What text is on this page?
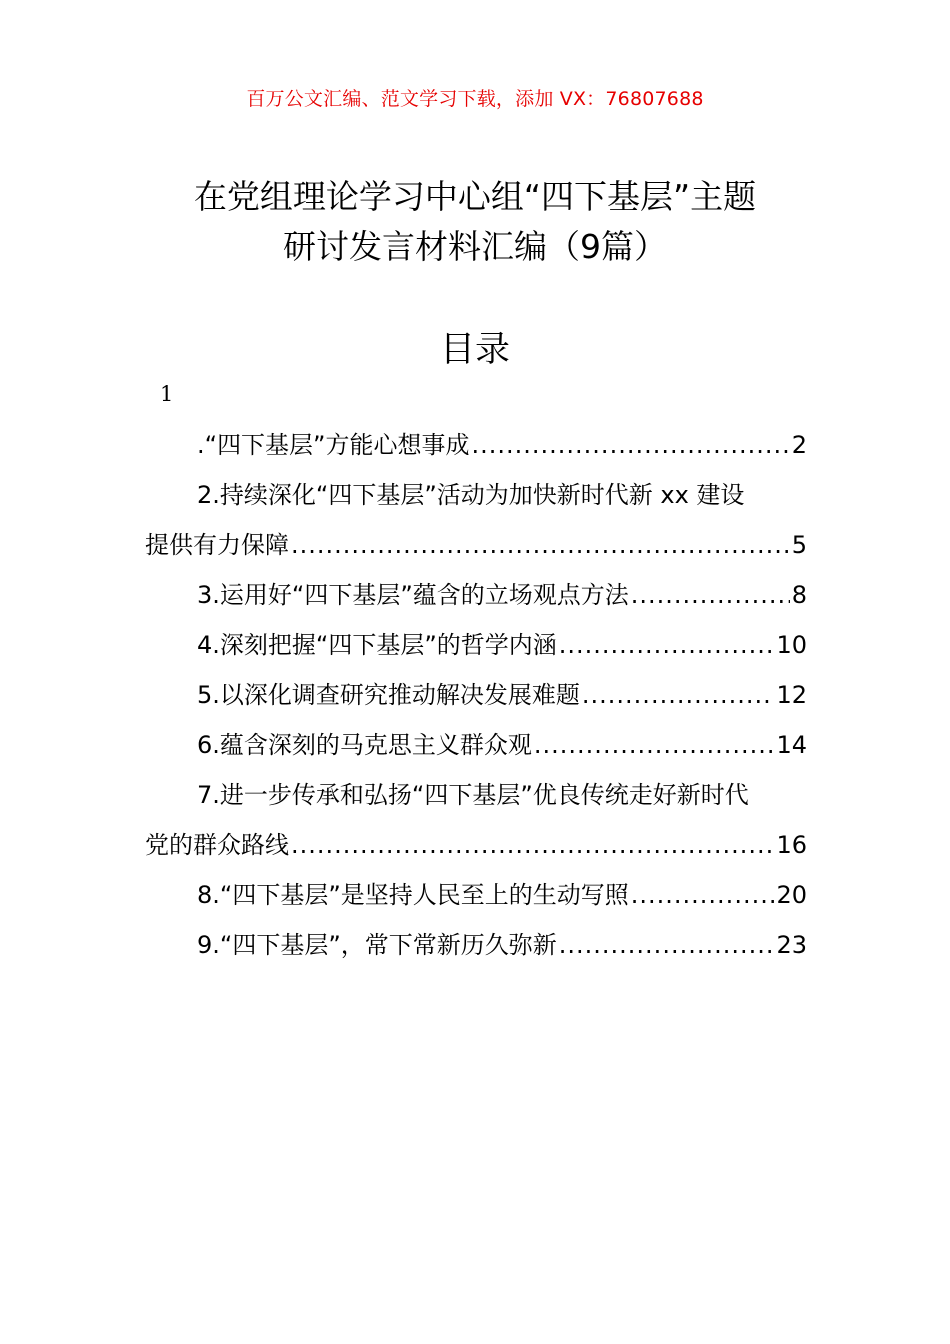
百万公文汇编、范文学习下载，添加 VX：76807688
在党组理论学习中心组“四下基层”主题
研讨发言材料汇编（9篇）
目录
1
.“四下基层”方能心想事成 .....	2
2.持续深化“四下基层”活动为加快新时代新 xx 建设
提供有力保障 .....	5
3.运用好“四下基层”蕴含的立场观点方法 .....	8
4.深刻把握“四下基层”的哲学内涵 .....	10
5.以深化调查研究推动解决发展难题 .....	12
6.蕴含深刻的马克思主义群众观 .....	14
7.进一步传承和弘扬“四下基层”优良传统走好新时代
党的群众路线 .....	16
8.“四下基层”是坚持人民至上的生动写照 .....	20
9.“四下基层”，常下常新历久弥新 .....	23
